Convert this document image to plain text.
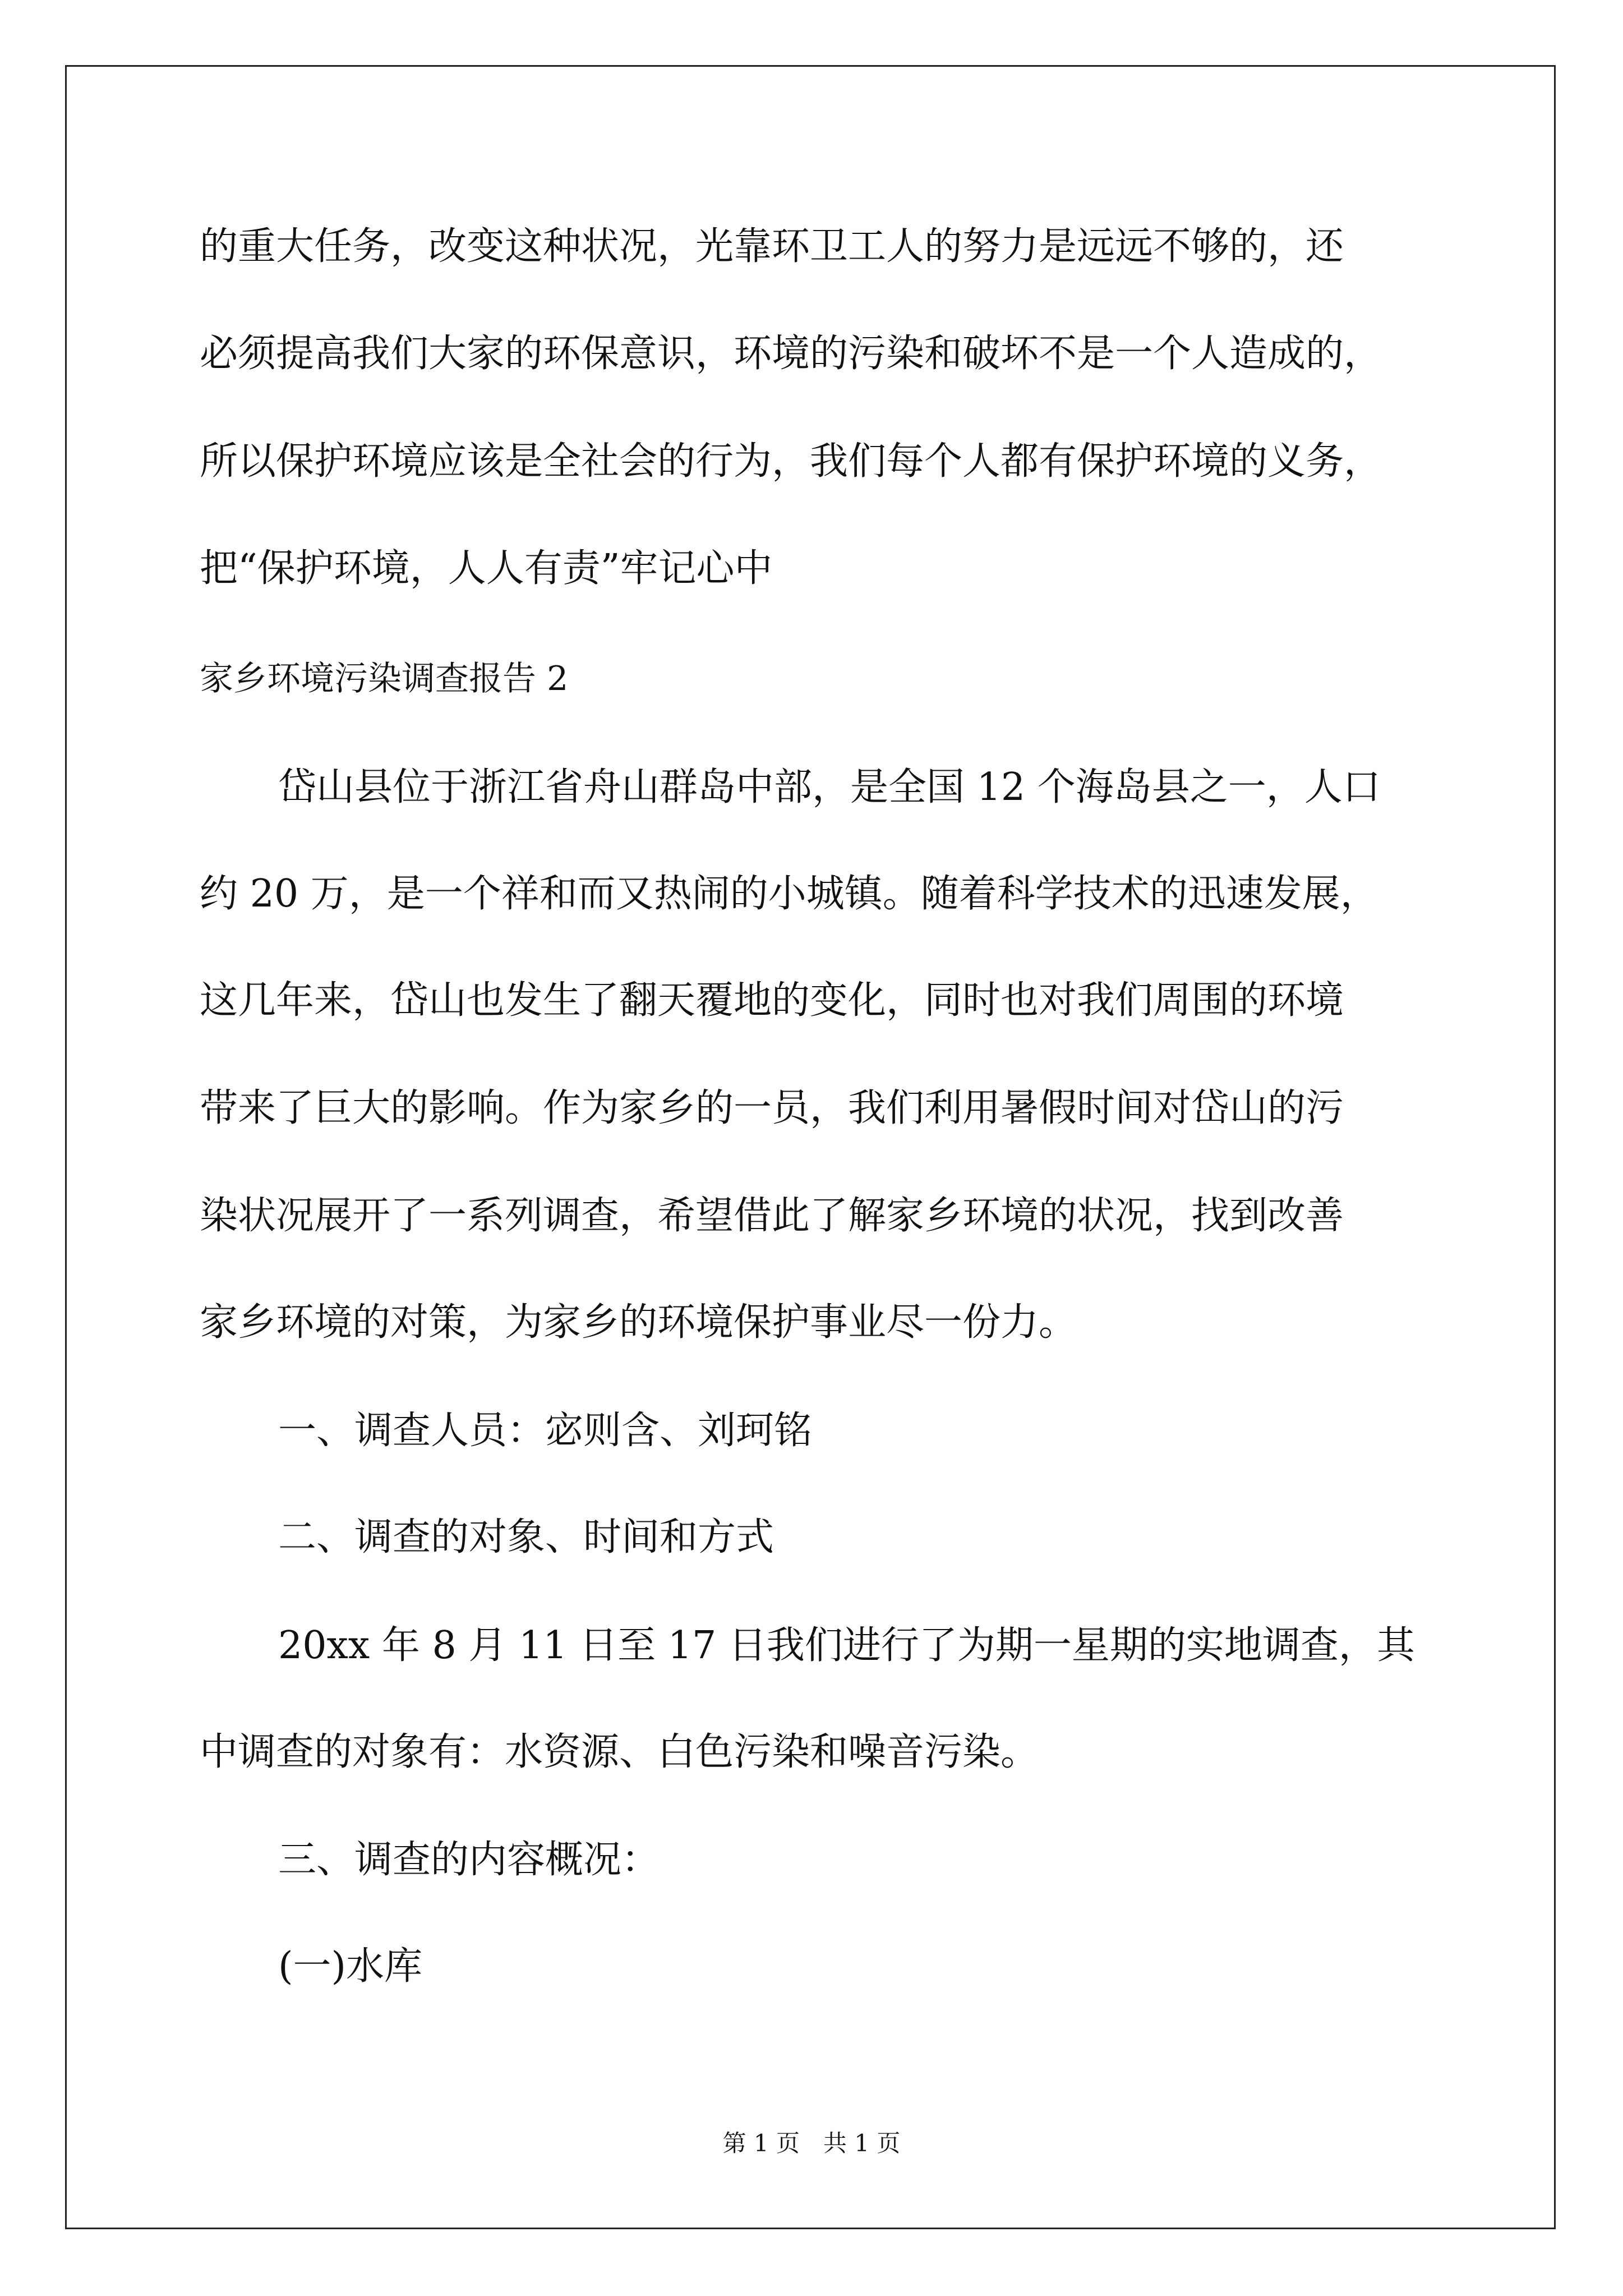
的重大任务，改变这种状况，光靠环卫工人的努力是远远不够的，还
必须提高我们大家的环保意识，环境的污染和破坏不是一个人造成的，
所以保护环境应该是全社会的行为，我们每个人都有保护环境的义务，
把“保护环境，人人有责”牢记心中
家乡环境污染调查报告 2
岱山县位于浙江省舟山群岛中部，是全国 12 个海岛县之一，人口
约 20 万，是一个祥和而又热闹的小城镇。随着科学技术的迅速发展，
这几年来，岱山也发生了翻天覆地的变化，同时也对我们周围的环境
带来了巨大的影响。作为家乡的一员，我们利用暑假时间对岱山的污
染状况展开了一系列调查，希望借此了解家乡环境的状况，找到改善
家乡环境的对策，为家乡的环境保护事业尽一份力。
一、调查人员：宓则含、刘珂铭
二、调查的对象、时间和方式
20xx 年 8 月 11 日至 17 日我们进行了为期一星期的实地调查，其
中调查的对象有：水资源、白色污染和噪音污染。
三、调查的内容概况：
(一)水库
第 1 页　共 1 页
